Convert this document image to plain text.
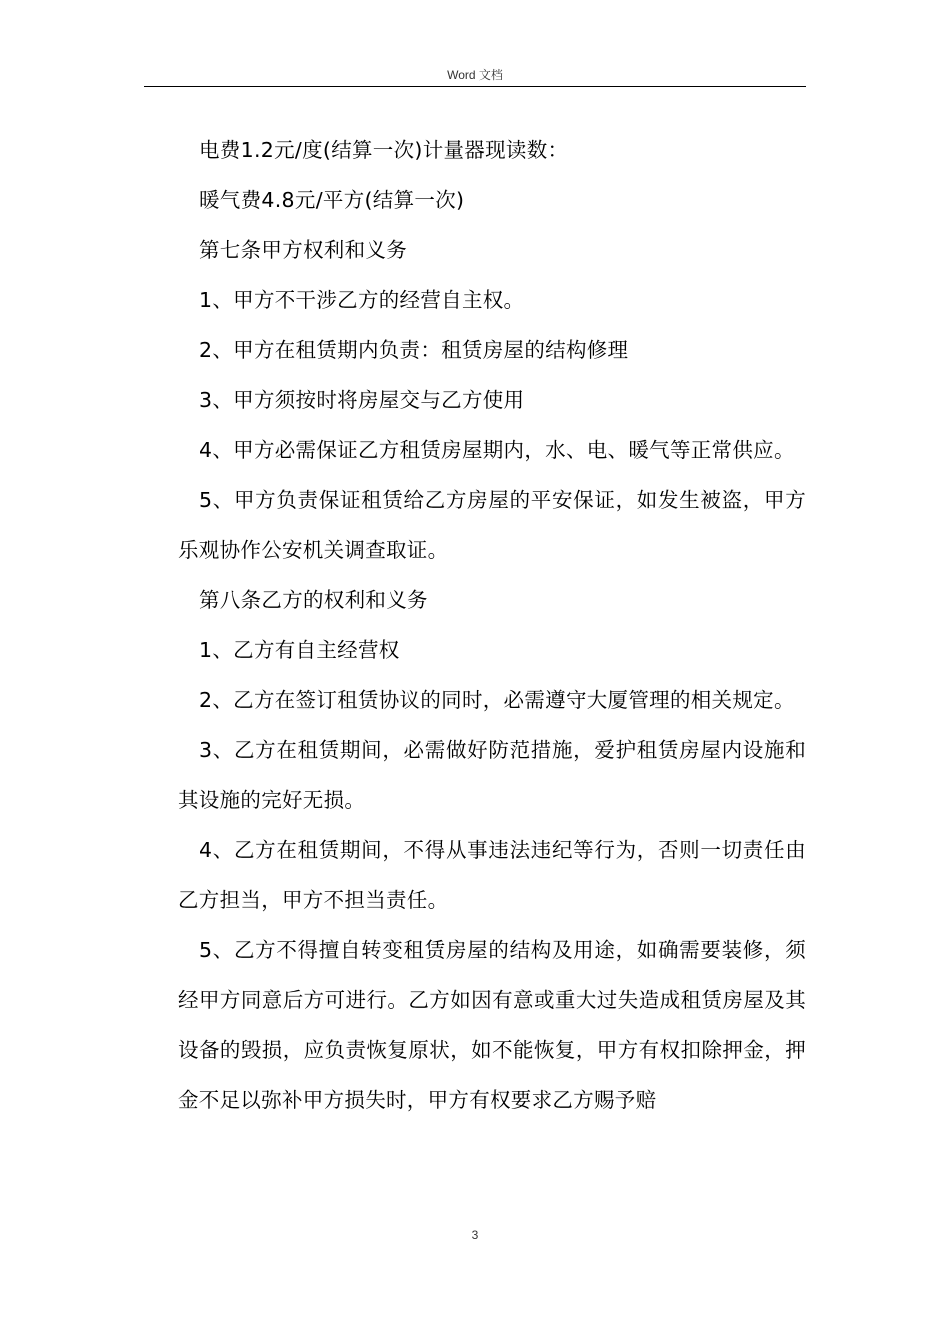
Word 文档

电费1.2元/度(结算一次)计量器现读数：

暖气费4.8元/平方(结算一次)

第七条甲方权利和义务

1、甲方不干涉乙方的经营自主权。

2、甲方在租赁期内负责：租赁房屋的结构修理

3、甲方须按时将房屋交与乙方使用

4、甲方必需保证乙方租赁房屋期内，水、电、暖气等正常供应。

5、甲方负责保证租赁给乙方房屋的平安保证，如发生被盗，甲方乐观协作公安机关调查取证。

第八条乙方的权利和义务

1、乙方有自主经营权

2、乙方在签订租赁协议的同时，必需遵守大厦管理的相关规定。

3、乙方在租赁期间，必需做好防范措施，爱护租赁房屋内设施和其设施的完好无损。

4、乙方在租赁期间，不得从事违法违纪等行为，否则一切责任由乙方担当，甲方不担当责任。

5、乙方不得擅自转变租赁房屋的结构及用途，如确需要装修，须经甲方同意后方可进行。乙方如因有意或重大过失造成租赁房屋及其设备的毁损，应负责恢复原状，如不能恢复，甲方有权扣除押金，押金不足以弥补甲方损失时，甲方有权要求乙方赐予赔

3
